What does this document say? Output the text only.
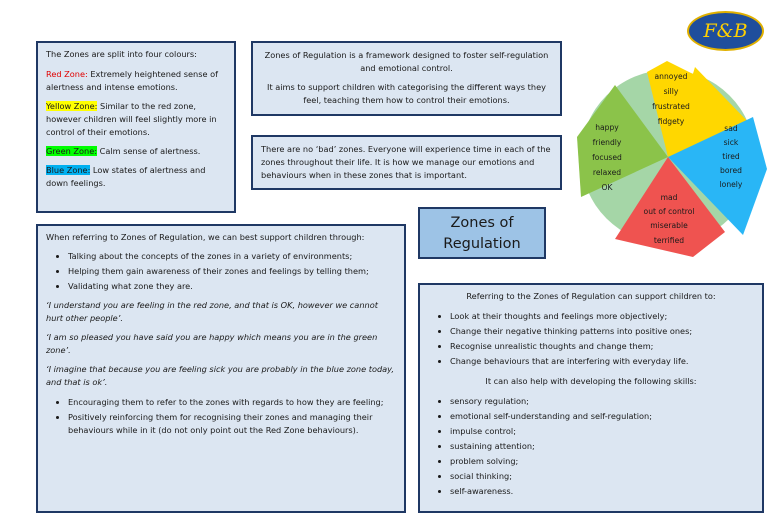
The Zones are split into four colours:

Red Zone: Extremely heightened sense of alertness and intense emotions.

Yellow Zone: Similar to the red zone, however children will feel slightly more in control of their emotions.

Green Zone: Calm sense of alertness.

Blue Zone: Low states of alertness and down feelings.

Zones of Regulation is a framework designed to foster self-regulation and emotional control.

It aims to support children with categorising the different ways they feel, teaching them how to control their emotions.

There are no ‘bad’ zones. Everyone will experience time in each of the zones throughout their life. It is how we manage our emotions and behaviours when in these zones that is important.

F&B
annoyed
silly
frustrated
fidgety
sad
sick
tired
bored
lonely
mad
out of control
miserable
terrified
happy
friendly
focused
relaxed
OK
Zones of
Regulation

When referring to Zones of Regulation, we can best support children through:

• Talking about the concepts of the zones in a variety of environments;
• Helping them gain awareness of their zones and feelings by telling them;
• Validating what zone they are.

‘I understand you are feeling in the red zone, and that is OK, however we cannot hurt other people’.

‘I am so pleased you have said you are happy which means you are in the green zone’.

‘I imagine that because you are feeling sick you are probably in the blue zone today, and that is ok’.

• Encouraging them to refer to the zones with regards to how they are feeling;
• Positively reinforcing them for recognising their zones and managing their behaviours while in it (do not only point out the Red Zone behaviours).

Referring to the Zones of Regulation can support children to:

• Look at their thoughts and feelings more objectively;
• Change their negative thinking patterns into positive ones;
• Recognise unrealistic thoughts and change them;
• Change behaviours that are interfering with everyday life.

It can also help with developing the following skills:

• sensory regulation;
• emotional self-understanding and self-regulation;
• impulse control;
• sustaining attention;
• problem solving;
• social thinking;
• self-awareness.
